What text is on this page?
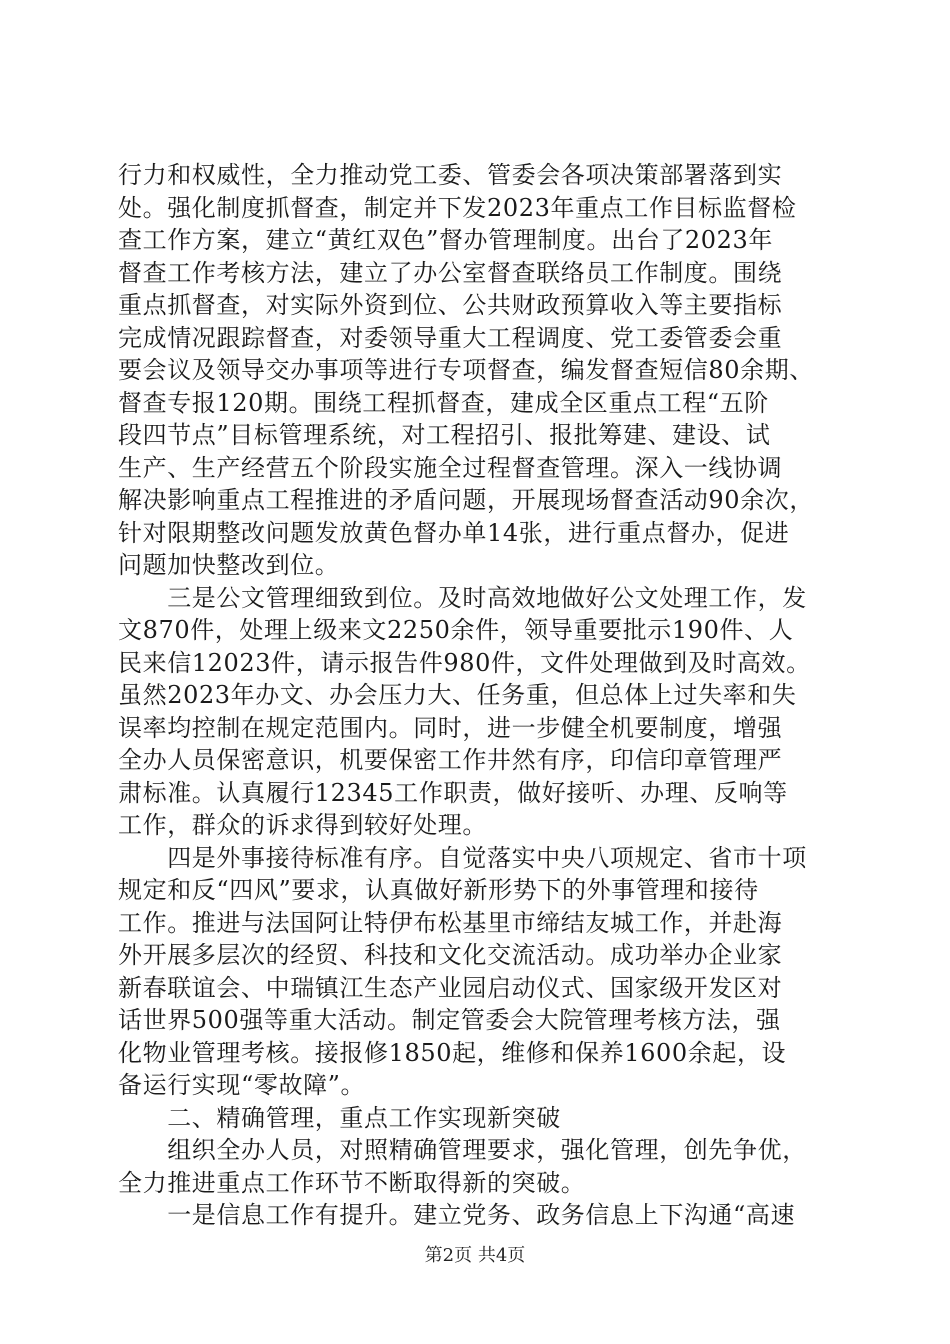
行力和权威性，全力推动党工委、管委会各项决策部署落到实
处。强化制度抓督查，制定并下发2023年重点工作目标监督检
查工作方案，建立“黄红双色”督办管理制度。出台了2023年
督查工作考核方法，建立了办公室督查联络员工作制度。围绕
重点抓督查，对实际外资到位、公共财政预算收入等主要指标
完成情况跟踪督查，对委领导重大工程调度、党工委管委会重
要会议及领导交办事项等进行专项督查，编发督查短信80余期、
督查专报120期。围绕工程抓督查，建成全区重点工程“五阶
段四节点”目标管理系统，对工程招引、报批筹建、建设、试
生产、生产经营五个阶段实施全过程督查管理。深入一线协调
解决影响重点工程推进的矛盾问题，开展现场督查活动90余次，
针对限期整改问题发放黄色督办单14张，进行重点督办，促进
问题加快整改到位。
　　三是公文管理细致到位。及时高效地做好公文处理工作，发
文870件，处理上级来文2250余件，领导重要批示190件、人
民来信12023件，请示报告件980件，文件处理做到及时高效。
虽然2023年办文、办会压力大、任务重，但总体上过失率和失
误率均控制在规定范围内。同时，进一步健全机要制度，增强
全办人员保密意识，机要保密工作井然有序，印信印章管理严
肃标准。认真履行12345工作职责，做好接听、办理、反响等
工作，群众的诉求得到较好处理。
　　四是外事接待标准有序。自觉落实中央八项规定、省市十项
规定和反“四风”要求，认真做好新形势下的外事管理和接待
工作。推进与法国阿让特伊布松基里市缔结友城工作，并赴海
外开展多层次的经贸、科技和文化交流活动。成功举办企业家
新春联谊会、中瑞镇江生态产业园启动仪式、国家级开发区对
话世界500强等重大活动。制定管委会大院管理考核方法，强
化物业管理考核。接报修1850起，维修和保养1600余起，设
备运行实现“零故障”。
　　二、精确管理，重点工作实现新突破
　　组织全办人员，对照精确管理要求，强化管理，创先争优，
全力推进重点工作环节不断取得新的突破。
　　一是信息工作有提升。建立党务、政务信息上下沟通“高速
第2页 共4页
